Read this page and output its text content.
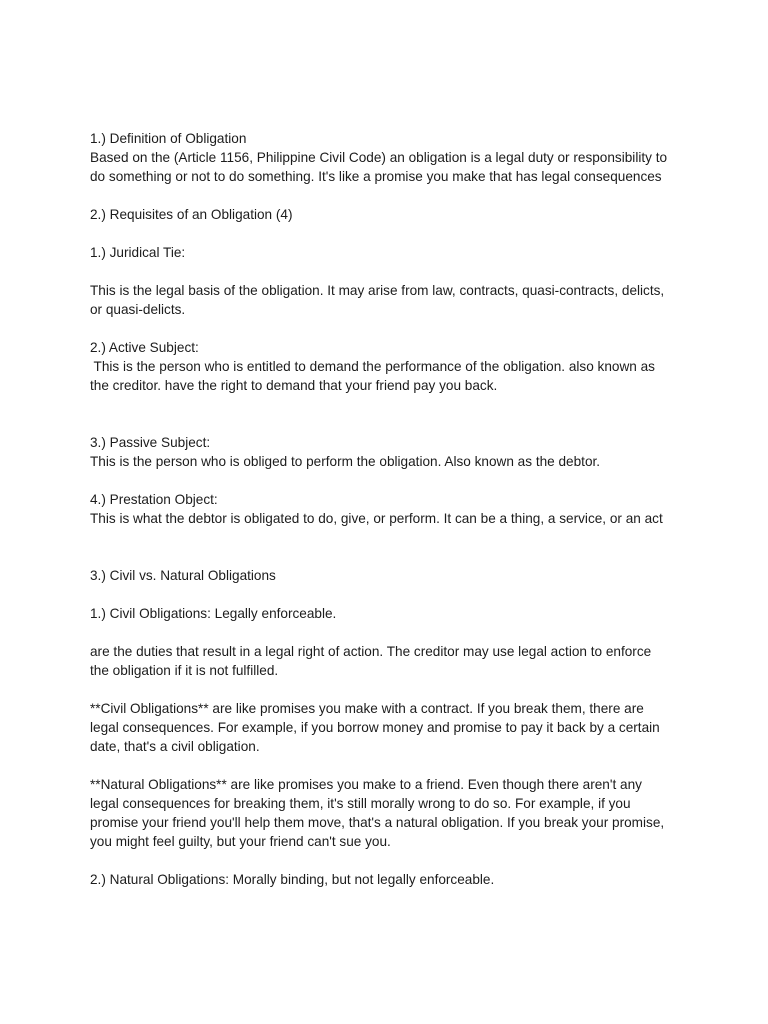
1.) Definition of Obligation
Based on the (Article 1156, Philippine Civil Code) an obligation is a legal duty or responsibility to
do something or not to do something. It's like a promise you make that has legal consequences
2.) Requisites of an Obligation (4)
1.) Juridical Tie:
This is the legal basis of the obligation. It may arise from law, contracts, quasi-contracts, delicts,
or quasi-delicts.
2.) Active Subject:
This is the person who is entitled to demand the performance of the obligation. also known as
the creditor. have the right to demand that your friend pay you back.
3.) Passive Subject:
This is the person who is obliged to perform the obligation. Also known as the debtor.
4.) Prestation Object:
This is what the debtor is obligated to do, give, or perform. It can be a thing, a service, or an act
3.) Civil vs. Natural Obligations
1.) Civil Obligations: Legally enforceable.
are the duties that result in a legal right of action. The creditor may use legal action to enforce
the obligation if it is not fulfilled.
**Civil Obligations** are like promises you make with a contract. If you break them, there are
legal consequences. For example, if you borrow money and promise to pay it back by a certain
date, that's a civil obligation.
**Natural Obligations** are like promises you make to a friend. Even though there aren't any
legal consequences for breaking them, it's still morally wrong to do so. For example, if you
promise your friend you'll help them move, that's a natural obligation. If you break your promise,
you might feel guilty, but your friend can't sue you.
2.) Natural Obligations: Morally binding, but not legally enforceable.
